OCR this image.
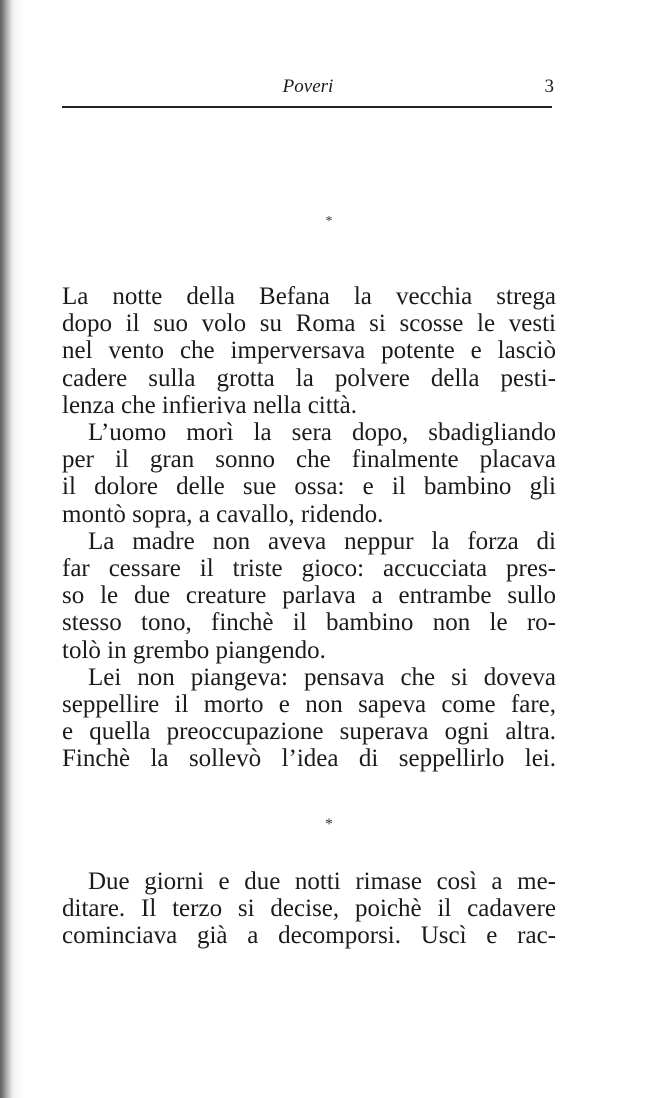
Poveri	3
*
La notte della Befana la vecchia strega
dopo il suo volo su Roma si scosse le vesti
nel vento che imperversava potente e lasciò
cadere sulla grotta la polvere della pesti-
lenza che infieriva nella città.
L’uomo morì la sera dopo, sbadigliando
per il gran sonno che finalmente placava
il dolore delle sue ossa: e il bambino gli
montò sopra, a cavallo, ridendo.
La madre non aveva neppur la forza di
far cessare il triste gioco: accucciata pres-
so le due creature parlava a entrambe sullo
stesso tono, finchè il bambino non le ro-
tolò in grembo piangendo.
Lei non piangeva: pensava che si doveva
seppellire il morto e non sapeva come fare,
e quella preoccupazione superava ogni altra.
Finchè la sollevò l’idea di seppellirlo lei.
*
Due giorni e due notti rimase così a me-
ditare. Il terzo si decise, poichè il cadavere
cominciava già a decomporsi. Uscì e rac-
